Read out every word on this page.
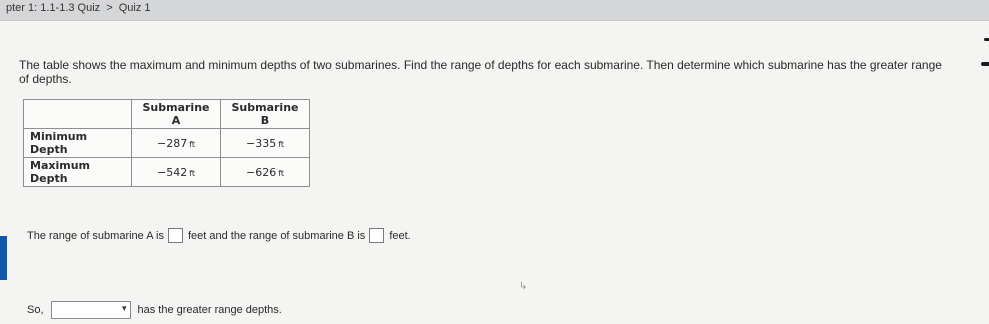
pter 1: 1.1-1.3 Quiz > Quiz 1
The table shows the maximum and minimum depths of two submarines. Find the range of depths for each submarine. Then determine which submarine has the greater range of depths.
	Submarine A	Submarine B
Minimum Depth	−287 ft	−335 ft
Maximum Depth	−542 ft	−626 ft
The range of submarine A is feet and the range of submarine B is feet.
So,	▾ has the greater range depths.
↳
